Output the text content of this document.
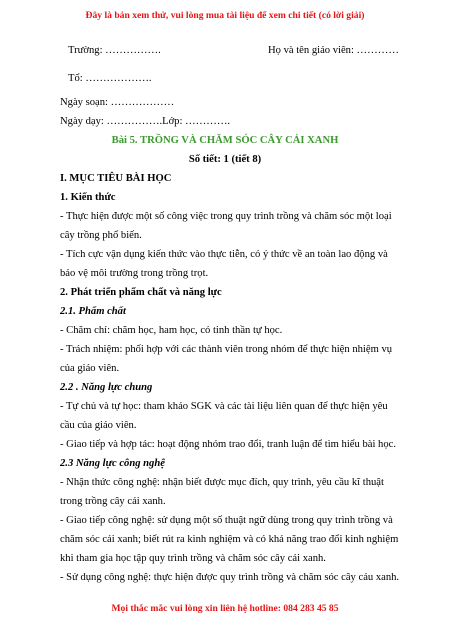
Đây là bản xem thử, vui lòng mua tài liệu để xem chi tiết (có lời giải)
Trường: …………….	Họ và tên giáo viên: …………
Tổ: ……………….
Ngày soạn: ………………
Ngày dạy: …………….Lớp: ………….
Bài 5. TRỒNG VÀ CHĂM SÓC CÂY CẢI XANH
Số tiết: 1 (tiết 8)
I. MỤC TIÊU BÀI HỌC
1. Kiến thức
- Thực hiện được một số công việc trong quy trình trồng và chăm sóc một loại
cây trồng phổ biến.
- Tích cực vận dụng kiến thức vào thực tiễn, có ý thức về an toàn lao động và
bảo vệ môi trường trong trồng trọt.
2. Phát triển phẩm chất và năng lực
2.1. Phẩm chất
- Chăm chỉ: chăm học, ham học, có tinh thần tự học.
- Trách nhiệm: phối hợp với các thành viên trong nhóm để thực hiện nhiệm vụ
của giáo viên.
2.2 . Năng lực chung
- Tự chủ và tự học: tham khảo SGK và các tài liệu liên quan để thực hiện yêu
cầu của giáo viên.
- Giao tiếp và hợp tác: hoạt động nhóm trao đổi, tranh luận để tìm hiểu bài học.
2.3 Năng lực công nghệ
- Nhận thức công nghệ: nhận biết được mục đích, quy trình, yêu cầu kĩ thuật
trong trồng cây cải xanh.
- Giao tiếp công nghệ: sử dụng một số thuật ngữ dùng trong quy trình trồng và
chăm sóc cải xanh; biết rút ra kinh nghiệm và có khả năng trao đổi kinh nghiệm
khi tham gia học tập quy trình trồng và chăm sóc cây cải xanh.
- Sử dụng công nghệ: thực hiện được quy trình trồng và chăm sóc cây cảu xanh.
Mọi thắc mắc vui lòng xin liên hệ hotline: 084 283 45 85
